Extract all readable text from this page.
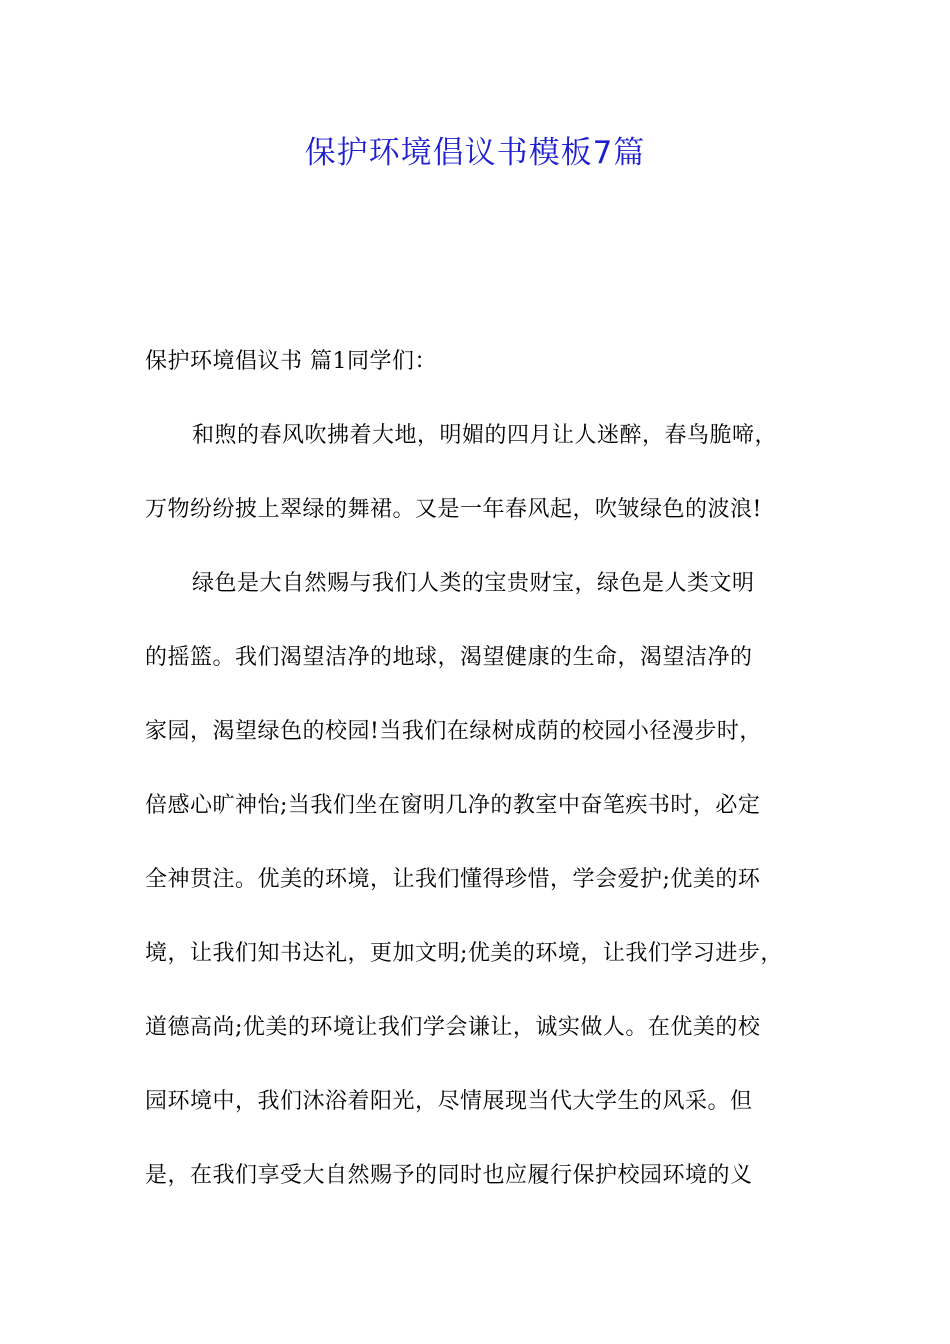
保护环境倡议书模板7篇
保护环境倡议书 篇1同学们：
和煦的春风吹拂着大地，明媚的四月让人迷醉，春鸟脆啼，
万物纷纷披上翠绿的舞裙。又是一年春风起，吹皱绿色的波浪!
绿色是大自然赐与我们人类的宝贵财宝，绿色是人类文明
的摇篮。我们渴望洁净的地球，渴望健康的生命，渴望洁净的
家园，渴望绿色的校园!当我们在绿树成荫的校园小径漫步时，
倍感心旷神怡;当我们坐在窗明几净的教室中奋笔疾书时，必定
全神贯注。优美的环境，让我们懂得珍惜，学会爱护;优美的环
境，让我们知书达礼，更加文明;优美的环境，让我们学习进步，
道德高尚;优美的环境让我们学会谦让，诚实做人。在优美的校
园环境中，我们沐浴着阳光，尽情展现当代大学生的风采。但
是，在我们享受大自然赐予的同时也应履行保护校园环境的义
